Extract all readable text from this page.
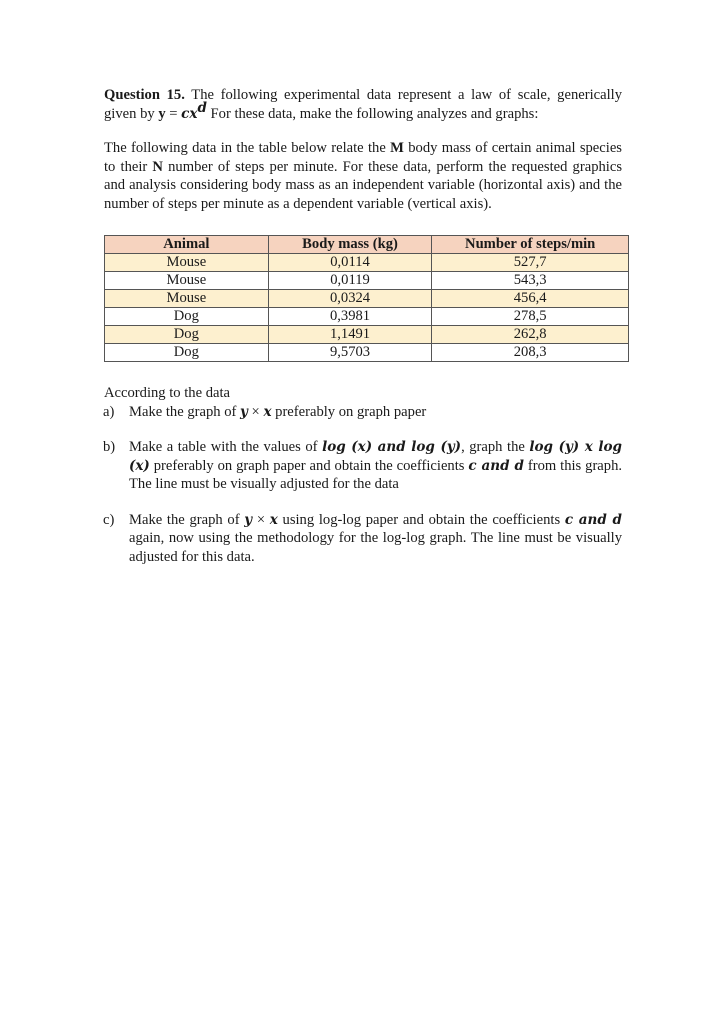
Question 15. The following experimental data represent a law of scale, generically given by $y = cx^d$ For these data, make the following analyzes and graphs:

The following data in the table below relate the M body mass of certain animal species to their N number of steps per minute. For these data, perform the requested graphics and analysis considering body mass as an independent variable (horizontal axis) and the number of steps per minute as a dependent variable (vertical axis).

Animal	Body mass (kg)	Number of steps/min
Mouse	0,0114	527,7
Mouse	0,0119	543,3
Mouse	0,0324	456,4
Dog	0,3981	278,5
Dog	1,1491	262,8
Dog	9,5703	208,3

According to the data

a)	Make the graph of y × x preferably on graph paper
b) Make a table with the values of log (x) and log (y), graph the log (y) x log (x) preferably on graph paper and obtain the coefficients c and d from this graph. The line must be visually adjusted for the data
c)	Make the graph of y × x using log-log paper and obtain the coefficients c and d again, now using the methodology for the log-log graph. The line must be visually adjusted for this data.
